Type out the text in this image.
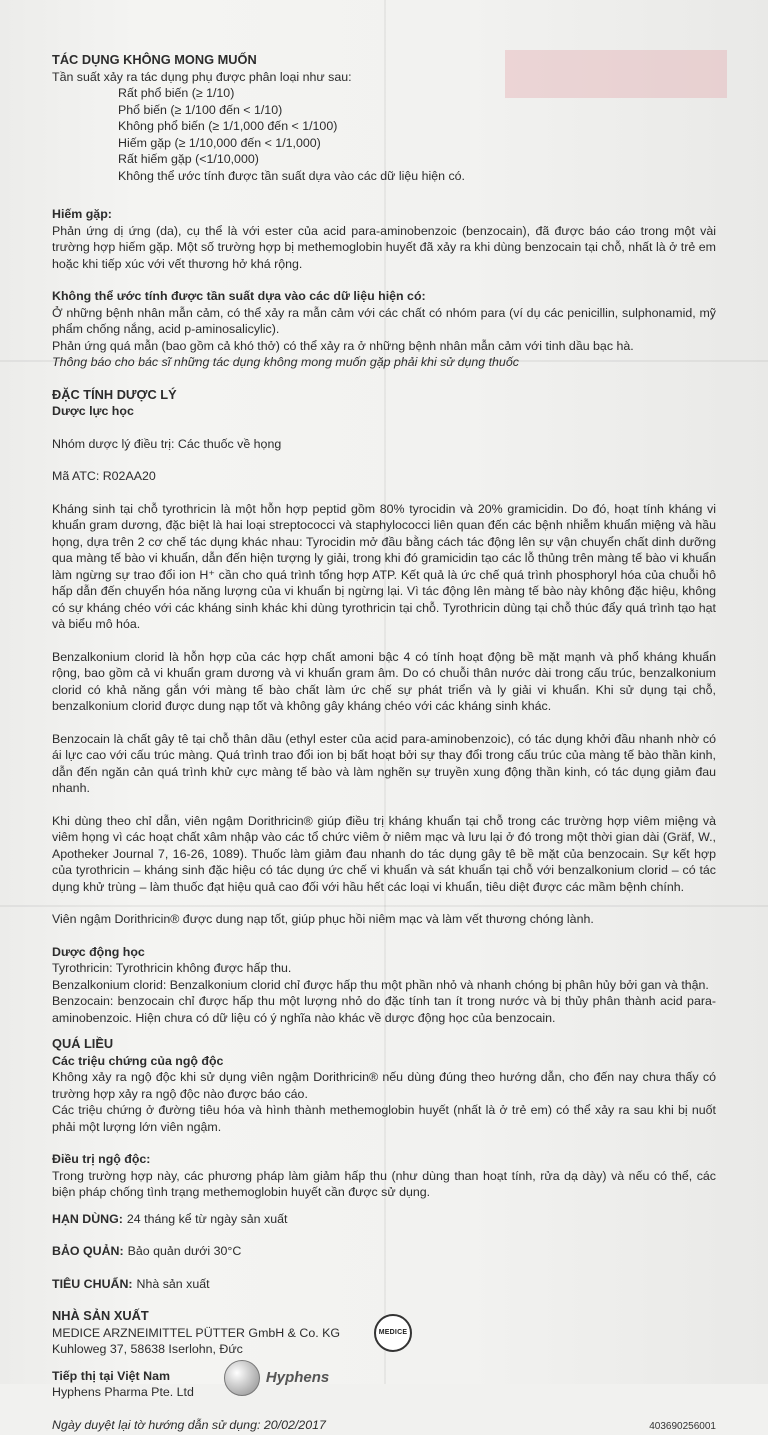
TÁC DỤNG KHÔNG MONG MUỐN
Tần suất xảy ra tác dụng phụ được phân loại như sau:
Rất phổ biến (≥ 1/10)
Phổ biến (≥ 1/100 đến < 1/10)
Không phổ biến (≥ 1/1,000 đến < 1/100)
Hiếm gặp (≥ 1/10,000 đến < 1/1,000)
Rất hiếm gặp (<1/10,000)
Không thể ước tính được tần suất dựa vào các dữ liệu hiện có.
Hiếm gặp:
Phản ứng dị ứng (da), cụ thể là với ester của acid para-aminobenzoic (benzocain), đã được báo cáo trong một vài trường hợp hiếm gặp. Một số trường hợp bị methemoglobin huyết đã xảy ra khi dùng benzocain tại chỗ, nhất là ở trẻ em hoặc khi tiếp xúc với vết thương hở khá rộng.
Không thể ước tính được tần suất dựa vào các dữ liệu hiện có:
Ở những bệnh nhân mẫn cảm, có thể xảy ra mẫn cảm với các chất có nhóm para (ví dụ các penicillin, sulphonamid, mỹ phẩm chống nắng, acid p-aminosalicylic).
Phản ứng quá mẫn (bao gồm cả khó thở) có thể xảy ra ở những bệnh nhân mẫn cảm với tinh dầu bạc hà.
Thông báo cho bác sĩ những tác dụng không mong muốn gặp phải khi sử dụng thuốc
ĐẶC TÍNH DƯỢC LÝ
Dược lực học
Nhóm dược lý điều trị: Các thuốc về họng
Mã ATC: R02AA20
Kháng sinh tại chỗ tyrothricin là một hỗn hợp peptid gồm 80% tyrocidin và 20% gramicidin. Do đó, hoạt tính kháng vi khuẩn gram dương, đặc biệt là hai loại streptococci và staphylococci liên quan đến các bệnh nhiễm khuẩn miệng và hầu họng, dựa trên 2 cơ chế tác dụng khác nhau: Tyrocidin mở đầu bằng cách tác động lên sự vận chuyển chất dinh dưỡng qua màng tế bào vi khuẩn, dẫn đến hiện tượng ly giải, trong khi đó gramicidin tạo các lỗ thủng trên màng tế bào vi khuẩn làm ngừng sự trao đổi ion H⁺ cần cho quá trình tổng hợp ATP. Kết quả là ức chế quá trình phosphoryl hóa của chuỗi hô hấp dẫn đến chuyển hóa năng lượng của vi khuẩn bị ngừng lại. Vì tác động lên màng tế bào này không đặc hiệu, không có sự kháng chéo với các kháng sinh khác khi dùng tyrothricin tại chỗ. Tyrothricin dùng tại chỗ thúc đẩy quá trình tạo hạt và biểu mô hóa.
Benzalkonium clorid là hỗn hợp của các hợp chất amoni bậc 4 có tính hoạt động bề mặt mạnh và phổ kháng khuẩn rộng, bao gồm cả vi khuẩn gram dương và vi khuẩn gram âm. Do có chuỗi thân nước dài trong cấu trúc, benzalkonium clorid có khả năng gắn với màng tế bào chất làm ức chế sự phát triển và ly giải vi khuẩn. Khi sử dụng tại chỗ, benzalkonium clorid được dung nạp tốt và không gây kháng chéo với các kháng sinh khác.
Benzocain là chất gây tê tại chỗ thân dầu (ethyl ester của acid para-aminobenzoic), có tác dụng khởi đầu nhanh nhờ có ái lực cao với cấu trúc màng. Quá trình trao đổi ion bị bất hoạt bởi sự thay đổi trong cấu trúc của màng tế bào thần kinh, dẫn đến ngăn cản quá trình khử cực màng tế bào và làm nghẽn sự truyền xung động thần kinh, có tác dụng giảm đau nhanh.
Khi dùng theo chỉ dẫn, viên ngậm Dorithricin® giúp điều trị kháng khuẩn tại chỗ trong các trường hợp viêm miệng và viêm họng vì các hoạt chất xâm nhập vào các tổ chức viêm ở niêm mạc và lưu lại ở đó trong một thời gian dài (Gräf, W., Apotheker Journal 7, 16-26, 1089). Thuốc làm giảm đau nhanh do tác dụng gây tê bề mặt của benzocain. Sự kết hợp của tyrothricin – kháng sinh đặc hiệu có tác dụng ức chế vi khuẩn và sát khuẩn tại chỗ với benzalkonium clorid – có tác dụng khử trùng – làm thuốc đạt hiệu quả cao đối với hầu hết các loại vi khuẩn, tiêu diệt được các mầm bệnh chính.
Viên ngậm Dorithricin® được dung nạp tốt, giúp phục hồi niêm mạc và làm vết thương chóng lành.
Dược động học
Tyrothricin: Tyrothricin không được hấp thu.
Benzalkonium clorid: Benzalkonium clorid chỉ được hấp thu một phần nhỏ và nhanh chóng bị phân hủy bởi gan và thận.
Benzocain: benzocain chỉ được hấp thu một lượng nhỏ do đặc tính tan ít trong nước và bị thủy phân thành acid para-aminobenzoic. Hiện chưa có dữ liệu có ý nghĩa nào khác về dược động học của benzocain.
QUÁ LIỀU
Các triệu chứng của ngộ độc
Không xảy ra ngộ độc khi sử dụng viên ngậm Dorithricin® nếu dùng đúng theo hướng dẫn, cho đến nay chưa thấy có trường hợp xảy ra ngộ độc nào được báo cáo.
Các triệu chứng ở đường tiêu hóa và hình thành methemoglobin huyết (nhất là ở trẻ em) có thể xảy ra sau khi bị nuốt phải một lượng lớn viên ngậm.
Điều trị ngộ độc:
Trong trường hợp này, các phương pháp làm giảm hấp thu (như dùng than hoạt tính, rửa dạ dày) và nếu có thể, các biện pháp chống tình trạng methemoglobin huyết cần được sử dụng.
HẠN DÙNG: 24 tháng kể từ ngày sản xuất
BẢO QUẢN: Bảo quản dưới 30°C
TIÊU CHUẨN: Nhà sản xuất
NHÀ SẢN XUẤT
MEDICE ARZNEIMITTEL PÜTTER GmbH & Co. KG
Kuhloweg 37, 58638 Iserlohn, Đức
MEDICE
Tiếp thị tại Việt Nam
Hyphens Pharma Pte. Ltd
Hyphens
Ngày duyệt lại tờ hướng dẫn sử dụng: 20/02/2017	403690256001
